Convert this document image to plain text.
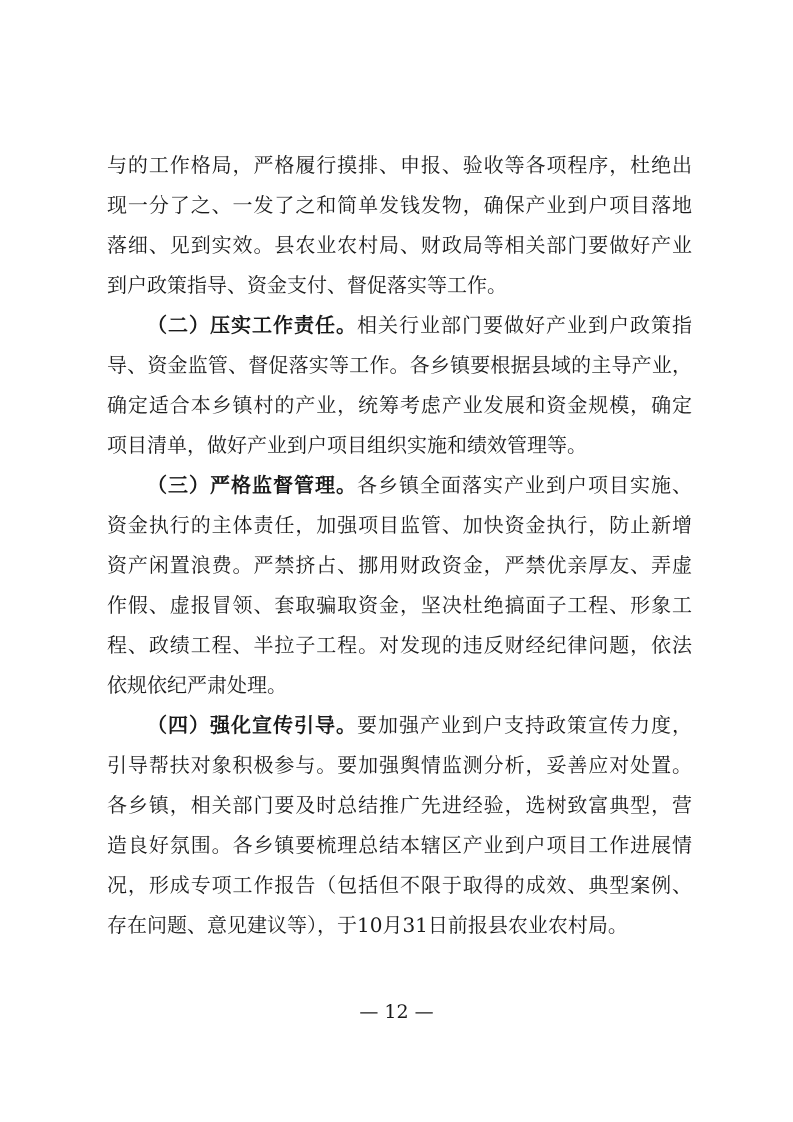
与的工作格局，严格履行摸排、申报、验收等各项程序，杜绝出
现一分了之、一发了之和简单发钱发物，确保产业到户项目落地
落细、见到实效。县农业农村局、财政局等相关部门要做好产业
到户政策指导、资金支付、督促落实等工作。
（二）压实工作责任。相关行业部门要做好产业到户政策指
导、资金监管、督促落实等工作。各乡镇要根据县域的主导产业，
确定适合本乡镇村的产业，统筹考虑产业发展和资金规模，确定
项目清单，做好产业到户项目组织实施和绩效管理等。
（三）严格监督管理。各乡镇全面落实产业到户项目实施、
资金执行的主体责任，加强项目监管、加快资金执行，防止新增
资产闲置浪费。严禁挤占、挪用财政资金，严禁优亲厚友、弄虚
作假、虚报冒领、套取骗取资金，坚决杜绝搞面子工程、形象工
程、政绩工程、半拉子工程。对发现的违反财经纪律问题，依法
依规依纪严肃处理。
（四）强化宣传引导。要加强产业到户支持政策宣传力度，
引导帮扶对象积极参与。要加强舆情监测分析，妥善应对处置。
各乡镇，相关部门要及时总结推广先进经验，选树致富典型，营
造良好氛围。各乡镇要梳理总结本辖区产业到户项目工作进展情
况，形成专项工作报告（包括但不限于取得的成效、典型案例、
存在问题、意见建议等），于10月31日前报县农业农村局。
— 12 —
